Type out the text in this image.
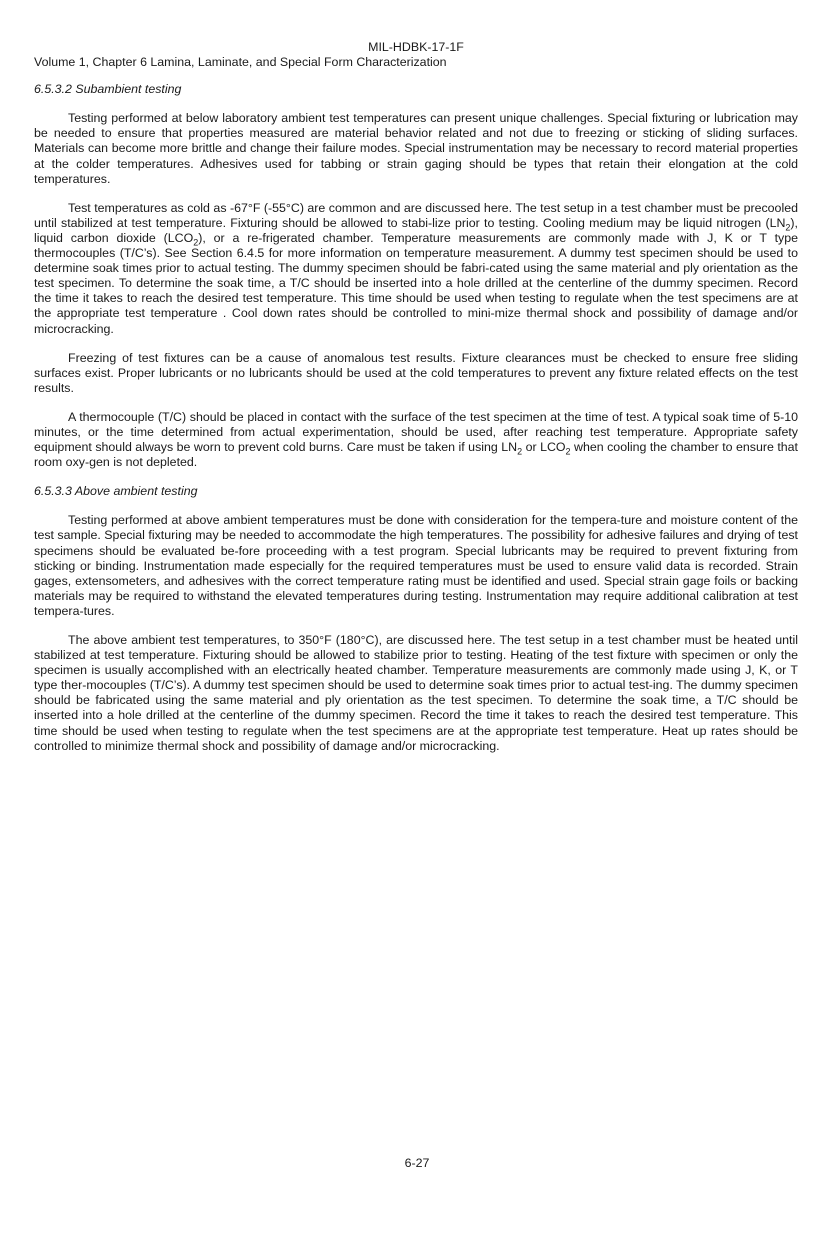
MIL-HDBK-17-1F
Volume 1, Chapter 6 Lamina, Laminate, and Special Form Characterization
6.5.3.2 Subambient testing

Testing performed at below laboratory ambient test temperatures can present unique challenges. Special fixturing or lubrication may be needed to ensure that properties measured are material behavior related and not due to freezing or sticking of sliding surfaces. Materials can become more brittle and change their failure modes. Special instrumentation may be necessary to record material properties at the colder temperatures. Adhesives used for tabbing or strain gaging should be types that retain their elongation at the cold temperatures.

Test temperatures as cold as -67°F (-55°C) are common and are discussed here. The test setup in a test chamber must be precooled until stabilized at test temperature. Fixturing should be allowed to stabi-lize prior to testing. Cooling medium may be liquid nitrogen $(LN_2)$, liquid carbon dioxide $(LCO_2)$, or a re-frigerated chamber. Temperature measurements are commonly made with J, K or T type thermocouples (T/C’s). See Section 6.4.5 for more information on temperature measurement. A dummy test specimen should be used to determine soak times prior to actual testing. The dummy specimen should be fabri-cated using the same material and ply orientation as the test specimen. To determine the soak time, a T/C should be inserted into a hole drilled at the centerline of the dummy specimen. Record the time it takes to reach the desired test temperature. This time should be used when testing to regulate when the test specimens are at the appropriate test temperature . Cool down rates should be controlled to mini-mize thermal shock and possibility of damage and/or microcracking.

Freezing of test fixtures can be a cause of anomalous test results. Fixture clearances must be checked to ensure free sliding surfaces exist. Proper lubricants or no lubricants should be used at the cold temperatures to prevent any fixture related effects on the test results.

A thermocouple (T/C) should be placed in contact with the surface of the test specimen at the time of test. A typical soak time of 5-10 minutes, or the time determined from actual experimentation, should be used, after reaching test temperature. Appropriate safety equipment should always be worn to prevent cold burns. Care must be taken if using $LN_2$ or $LCO_2$ when cooling the chamber to ensure that room oxy-gen is not depleted.

6.5.3.3 Above ambient testing

Testing performed at above ambient temperatures must be done with consideration for the tempera-ture and moisture content of the test sample. Special fixturing may be needed to accommodate the high temperatures. The possibility for adhesive failures and drying of test specimens should be evaluated be-fore proceeding with a test program. Special lubricants may be required to prevent fixturing from sticking or binding. Instrumentation made especially for the required temperatures must be used to ensure valid data is recorded. Strain gages, extensometers, and adhesives with the correct temperature rating must be identified and used. Special strain gage foils or backing materials may be required to withstand the elevated temperatures during testing. Instrumentation may require additional calibration at test tempera-tures.

The above ambient test temperatures, to 350°F (180°C), are discussed here. The test setup in a test chamber must be heated until stabilized at test temperature. Fixturing should be allowed to stabilize prior to testing. Heating of the test fixture with specimen or only the specimen is usually accomplished with an electrically heated chamber. Temperature measurements are commonly made using J, K, or T type ther-mocouples (T/C’s). A dummy test specimen should be used to determine soak times prior to actual test-ing. The dummy specimen should be fabricated using the same material and ply orientation as the test specimen. To determine the soak time, a T/C should be inserted into a hole drilled at the centerline of the dummy specimen. Record the time it takes to reach the desired test temperature. This time should be used when testing to regulate when the test specimens are at the appropriate test temperature. Heat up rates should be controlled to minimize thermal shock and possibility of damage and/or microcracking.

6-27
